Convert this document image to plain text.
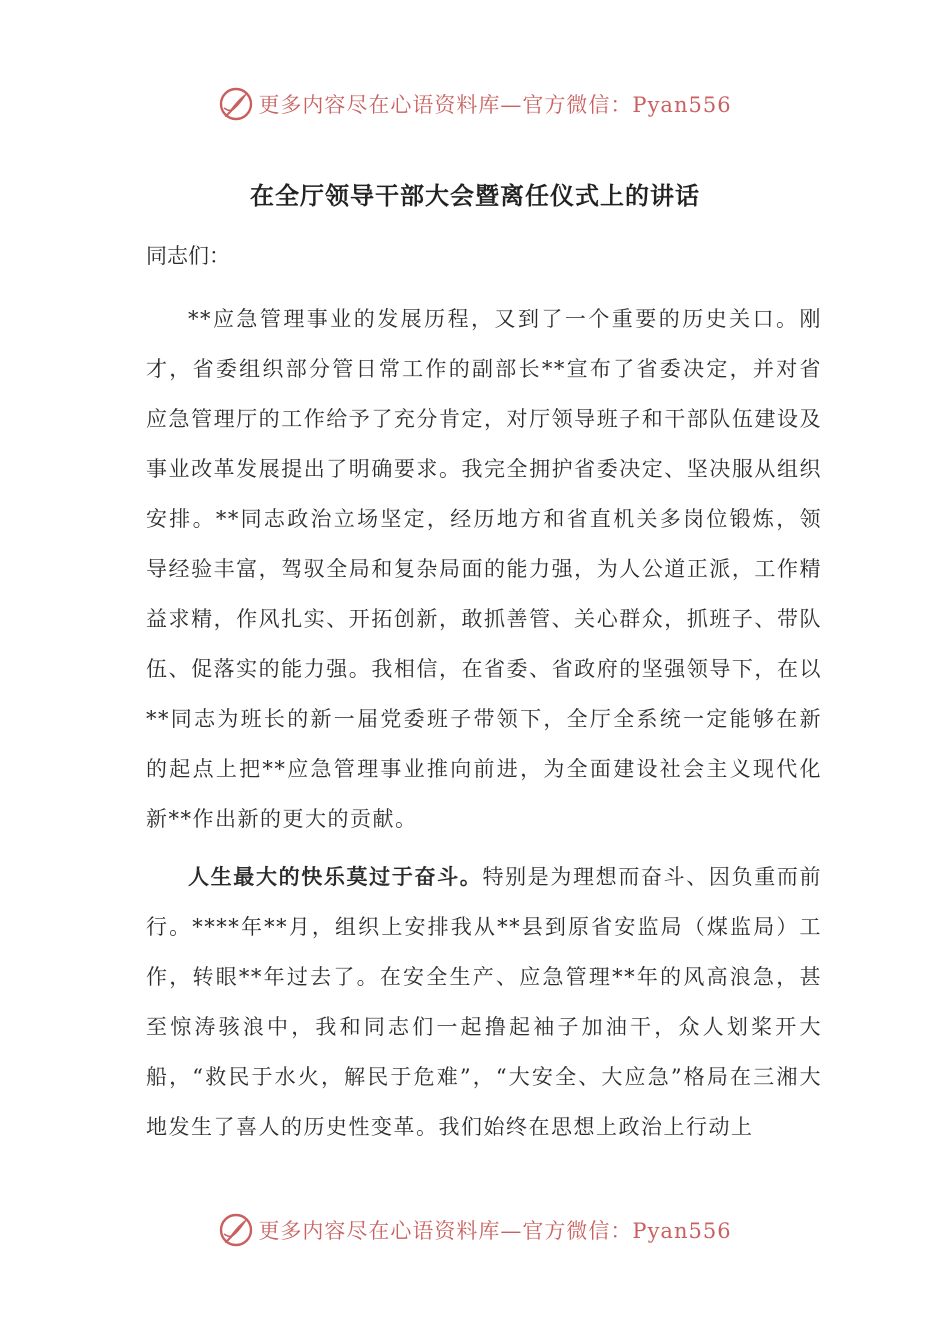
更多内容尽在心语资料库—官方微信：Pyan556
在全厅领导干部大会暨离任仪式上的讲话

同志们：

**应急管理事业的发展历程，又到了一个重要的历史关口。刚才，省委组织部分管日常工作的副部长**宣布了省委决定，并对省应急管理厅的工作给予了充分肯定，对厅领导班子和干部队伍建设及事业改革发展提出了明确要求。我完全拥护省委决定、坚决服从组织安排。**同志政治立场坚定，经历地方和省直机关多岗位锻炼，领导经验丰富，驾驭全局和复杂局面的能力强，为人公道正派，工作精益求精，作风扎实、开拓创新，敢抓善管、关心群众，抓班子、带队伍、促落实的能力强。我相信，在省委、省政府的坚强领导下，在以**同志为班长的新一届党委班子带领下，全厅全系统一定能够在新的起点上把**应急管理事业推向前进，为全面建设社会主义现代化新**作出新的更大的贡献。

人生最大的快乐莫过于奋斗。特别是为理想而奋斗、因负重而前行。****年**月，组织上安排我从**县到原省安监局（煤监局）工作，转眼**年过去了。在安全生产、应急管理**年的风高浪急，甚至惊涛骇浪中，我和同志们一起撸起袖子加油干，众人划桨开大船，“救民于水火，解民于危难”，“大安全、大应急”格局在三湘大地发生了喜人的历史性变革。我们始终在思想上政治上行动上

更多内容尽在心语资料库—官方微信：Pyan556
